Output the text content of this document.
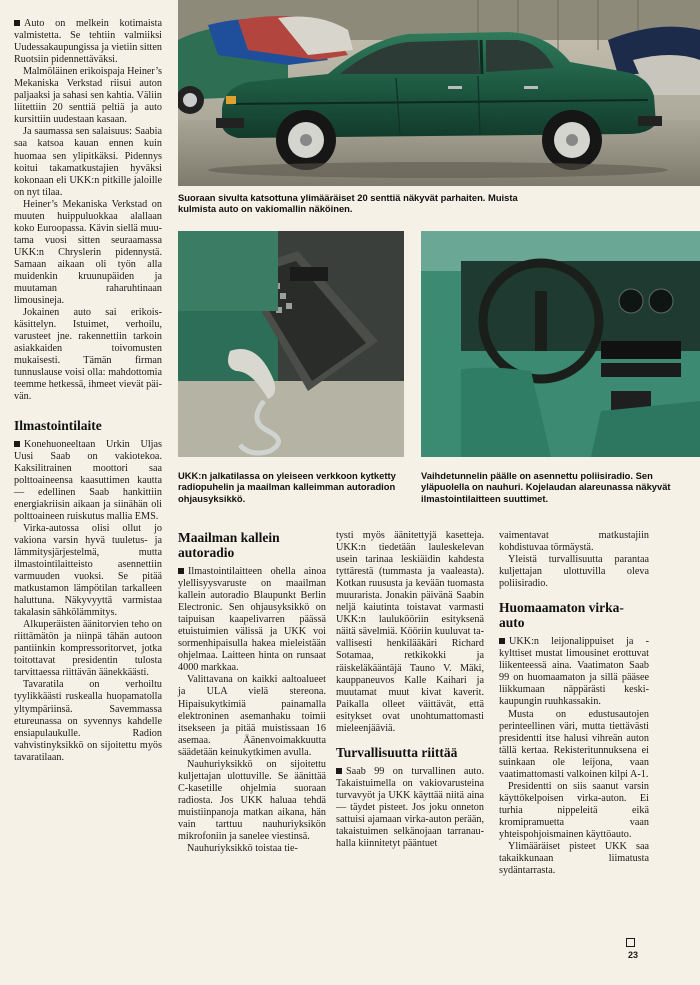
Auto on melkein kotimaista valmistetta. Se tehtiin valmiiksi Uudessakaupungissa ja vietiin sitten Ruotsiin pidennettäväksi.

Malmöläinen erikoispaja Heiner’s Mekaniska Verkstad riisui auton paljaaksi ja sahasi sen kahtia. Väliin liitettiin 20 senttiä peltiä ja auto kursittiin uudestaan kasaan.

Ja saumassa sen salaisuus: Saabia saa katsoa kauan ennen kuin huomaa sen ylipitkäksi. Pidennys koitui takamatkustajien hyväksi kokonaan eli UKK:n pitkille jaloille on nyt tilaa.

Heiner’s Mekaniska Verkstad on muuten huippuluokkaa alallaan koko Euroopassa. Kävin siellä muutama vuosi sitten seuraamassa UKK:n Chryslerin pidennystä. Samaan aikaan oli työn alla muidenkin kruunupäiden ja muutaman raharuhtinaan limousineja.

Jokainen auto sai erikoiskäsittelyn. Istuimet, verhoilu, varusteet jne. rakennettiin tarkoin asiakkaiden toivomusten mukaisesti. Tämän firman tunnuslause voisi olla: mahdottomia teemme hetkessä, ihmeet vievät päivän.

Ilmastointilaite

Konehuoneeltaan Urkin Uljas Uusi Saab on vakiotekoa. Kaksilitrainen moottori saa polttoaineensa kaasuttimen kautta — edellinen Saab hankittiin energiakriisin aikaan ja siinähän oli polttoaineen ruiskutus mallia EMS.

Virka-autossa olisi ollut jo vakiona varsin hyvä tuuletus- ja lämmitysjärjestelmä, mutta ilmastointilaitteisto asennettiin varmuuden vuoksi. Se pitää matkustamon lämpötilan tarkalleen haluttuna. Näkyvyyttä varmistaa takalasin sähkölämmitys.

Alkuperäisten äänitorvien teho on riittämätön ja niinpä tähän autoon pantiinkin kompressoritorvet, jotka toitottavat presidentin tulosta tarvittaessa riittävän äänekkäästi.

Tavaratila on verhoiltu tyylikkäästi ruskealla huopamatolla yltympäriinsä. Savemmassa etureunassa on syvennys kahdelle ensiapulaukulle. Radion vahvistinyksikkö on sijoitettu myös tavaratilaan.

Suoraan sivulta katsottuna ylimääräiset 20 senttiä näkyvät parhaiten. Muista kulmista auto on vakiomallin näköinen.
UKK:n jalkatilassa on yleiseen verkkoon kytketty radiopuhelin ja maailman kalleimman autoradion ohjausyksikkö.
Vaihdetunnelin päälle on asennettu poliisiradio. Sen yläpuolella on nauhuri. Kojelaudan alareunassa näkyvät ilmastointilaitteen suuttimet.
Maailman kallein autoradio

Ilmastointilaitteen ohella ainoa ylellisyysvaruste on maailman kallein autoradio Blaupunkt Berlin Electronic. Sen ohjausyksikkö on taipuisan kaapelivarren päässä etuistuimien välissä ja UKK voi sormenhipaisulla hakea mieleistään ohjelmaa. Laitteen hinta on runsaat 4000 markkaa.

Valittavana on kaikki aaltoalueet ja ULA vielä stereona. Hipaisukytkimiä painamalla elektroninen asemanhaku toimii itsekseen ja pitää muistissaan 16 asemaa. Äänenvoimakkuutta säädetään keinukytkimen avulla.

Nauhuriyksikkö on sijoitettu kuljettajan ulottuville. Se äänittää C-kasetille ohjelmia suoraan radiosta. Jos UKK haluaa tehdä muistiinpanoja matkan aikana, hän vain tarttuu nauhuriyksikön mikrofoniin ja sanelee viestinsä.

Nauhuriyksikkö toistaa tie-

tysti myös äänitettyjä kasetteja. UKK:n tiedetään lauleskelevan usein tarinaa leskiäidin kahdesta tyttärestä (tummasta ja vaaleasta). Kotkan ruususta ja kevään tuomasta muurarista. Jonakin päivänä Saabin neljä kaiutinta toistavat varmasti UKK:n laulukööriin esityksenä näitä sävelmiä. Kööriin kuuluvat tavallisesti henkilääkäri Richard Sotamaa, retkikokki ja räiskeläkääntäjä Tauno V. Mäki, kauppaneuvos Kalle Kaihari ja muutamat muut kivat kaverit. Paikalla olleet väittävät, että esitykset ovat unohtumattomasti mieleenjääviä.

Turvallisuutta riittää

Saab 99 on turvallinen auto. Takaistuimella on vakiovarusteina turvavyöt ja UKK käyttää niitä aina — täydet pisteet. Jos joku onneton sattuisi ajamaan virka-auton perään, takaistuimen selkänojaan tarranauhalla kiinnitetyt pääntuet

vaimentavat matkustajiin kohdistuvaa törmäystä.

Yleistä turvallisuutta parantaa kuljettajan ulottuvilla oleva poliisiradio.

Huomaamaton virka-auto

UKK:n leijonalippuiset ja -kylttiset mustat limousinet erottuvat liikenteessä aina. Vaatimaton Saab 99 on huomaamaton ja sillä pääsee liikkumaan näppärästi keskikaupungin ruuhkassakin.

Musta on edustusautojen perinteellinen väri, mutta tiettävästi presidentti itse halusi vihreän auton tällä kertaa. Rekisteritunnuksena ei suinkaan ole leijona, vaan vaatimattomasti valkoinen kilpi A-1.

Presidentti on siis saanut varsin käyttökelpoisen virka-auton. Ei turhia nippeleitä eikä kromipramuetta vaan yhteispohjoismainen käyttöauto.

Ylimääräiset pisteet UKK saa takaikkunaan liimatusta sydäntarrasta.

23
